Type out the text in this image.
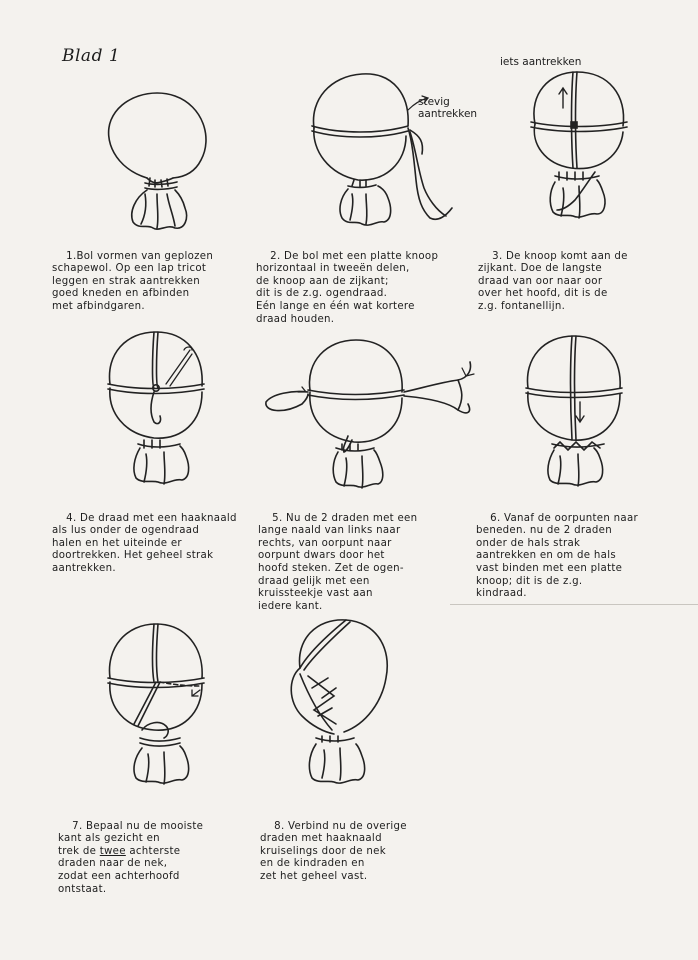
Blad 1
stevig
aantrekken
iets aantrekken

1.Bol vormen van geplozen
schapewol. Op een lap tricot
leggen en strak aantrekken
goed kneden en afbinden
met afbindgaren.

2. De bol met een platte knoop
horizontaal in tweeën delen,
de knoop aan de zijkant;
dit is de z.g. ogendraad.
Eén lange en één wat kortere
draad houden.

3. De knoop komt aan de
zijkant. Doe de langste
draad van oor naar oor
over het hoofd, dit is de
z.g. fontanellijn.

4. De draad met een haaknaald
als lus onder de ogendraad
halen en het uiteinde er
doortrekken. Het geheel strak
aantrekken.

5. Nu de 2 draden met een
lange naald van links naar
rechts, van oorpunt naar
oorpunt dwars door het
hoofd steken. Zet de ogen-
draad gelijk met een
kruissteekje vast aan
iedere kant.

6. Vanaf de oorpunten naar
beneden. nu de 2 draden
onder de hals strak
aantrekken en om de hals
vast binden met een platte
knoop; dit is de z.g.
kindraad.

7. Bepaal nu de mooiste
kant als gezicht en
trek de twee achterste
draden naar de nek,
zodat een achterhoofd
ontstaat.

8. Verbind nu de overige
draden met haaknaald
kruiselings door de nek
en de kindraden en
zet het geheel vast.
